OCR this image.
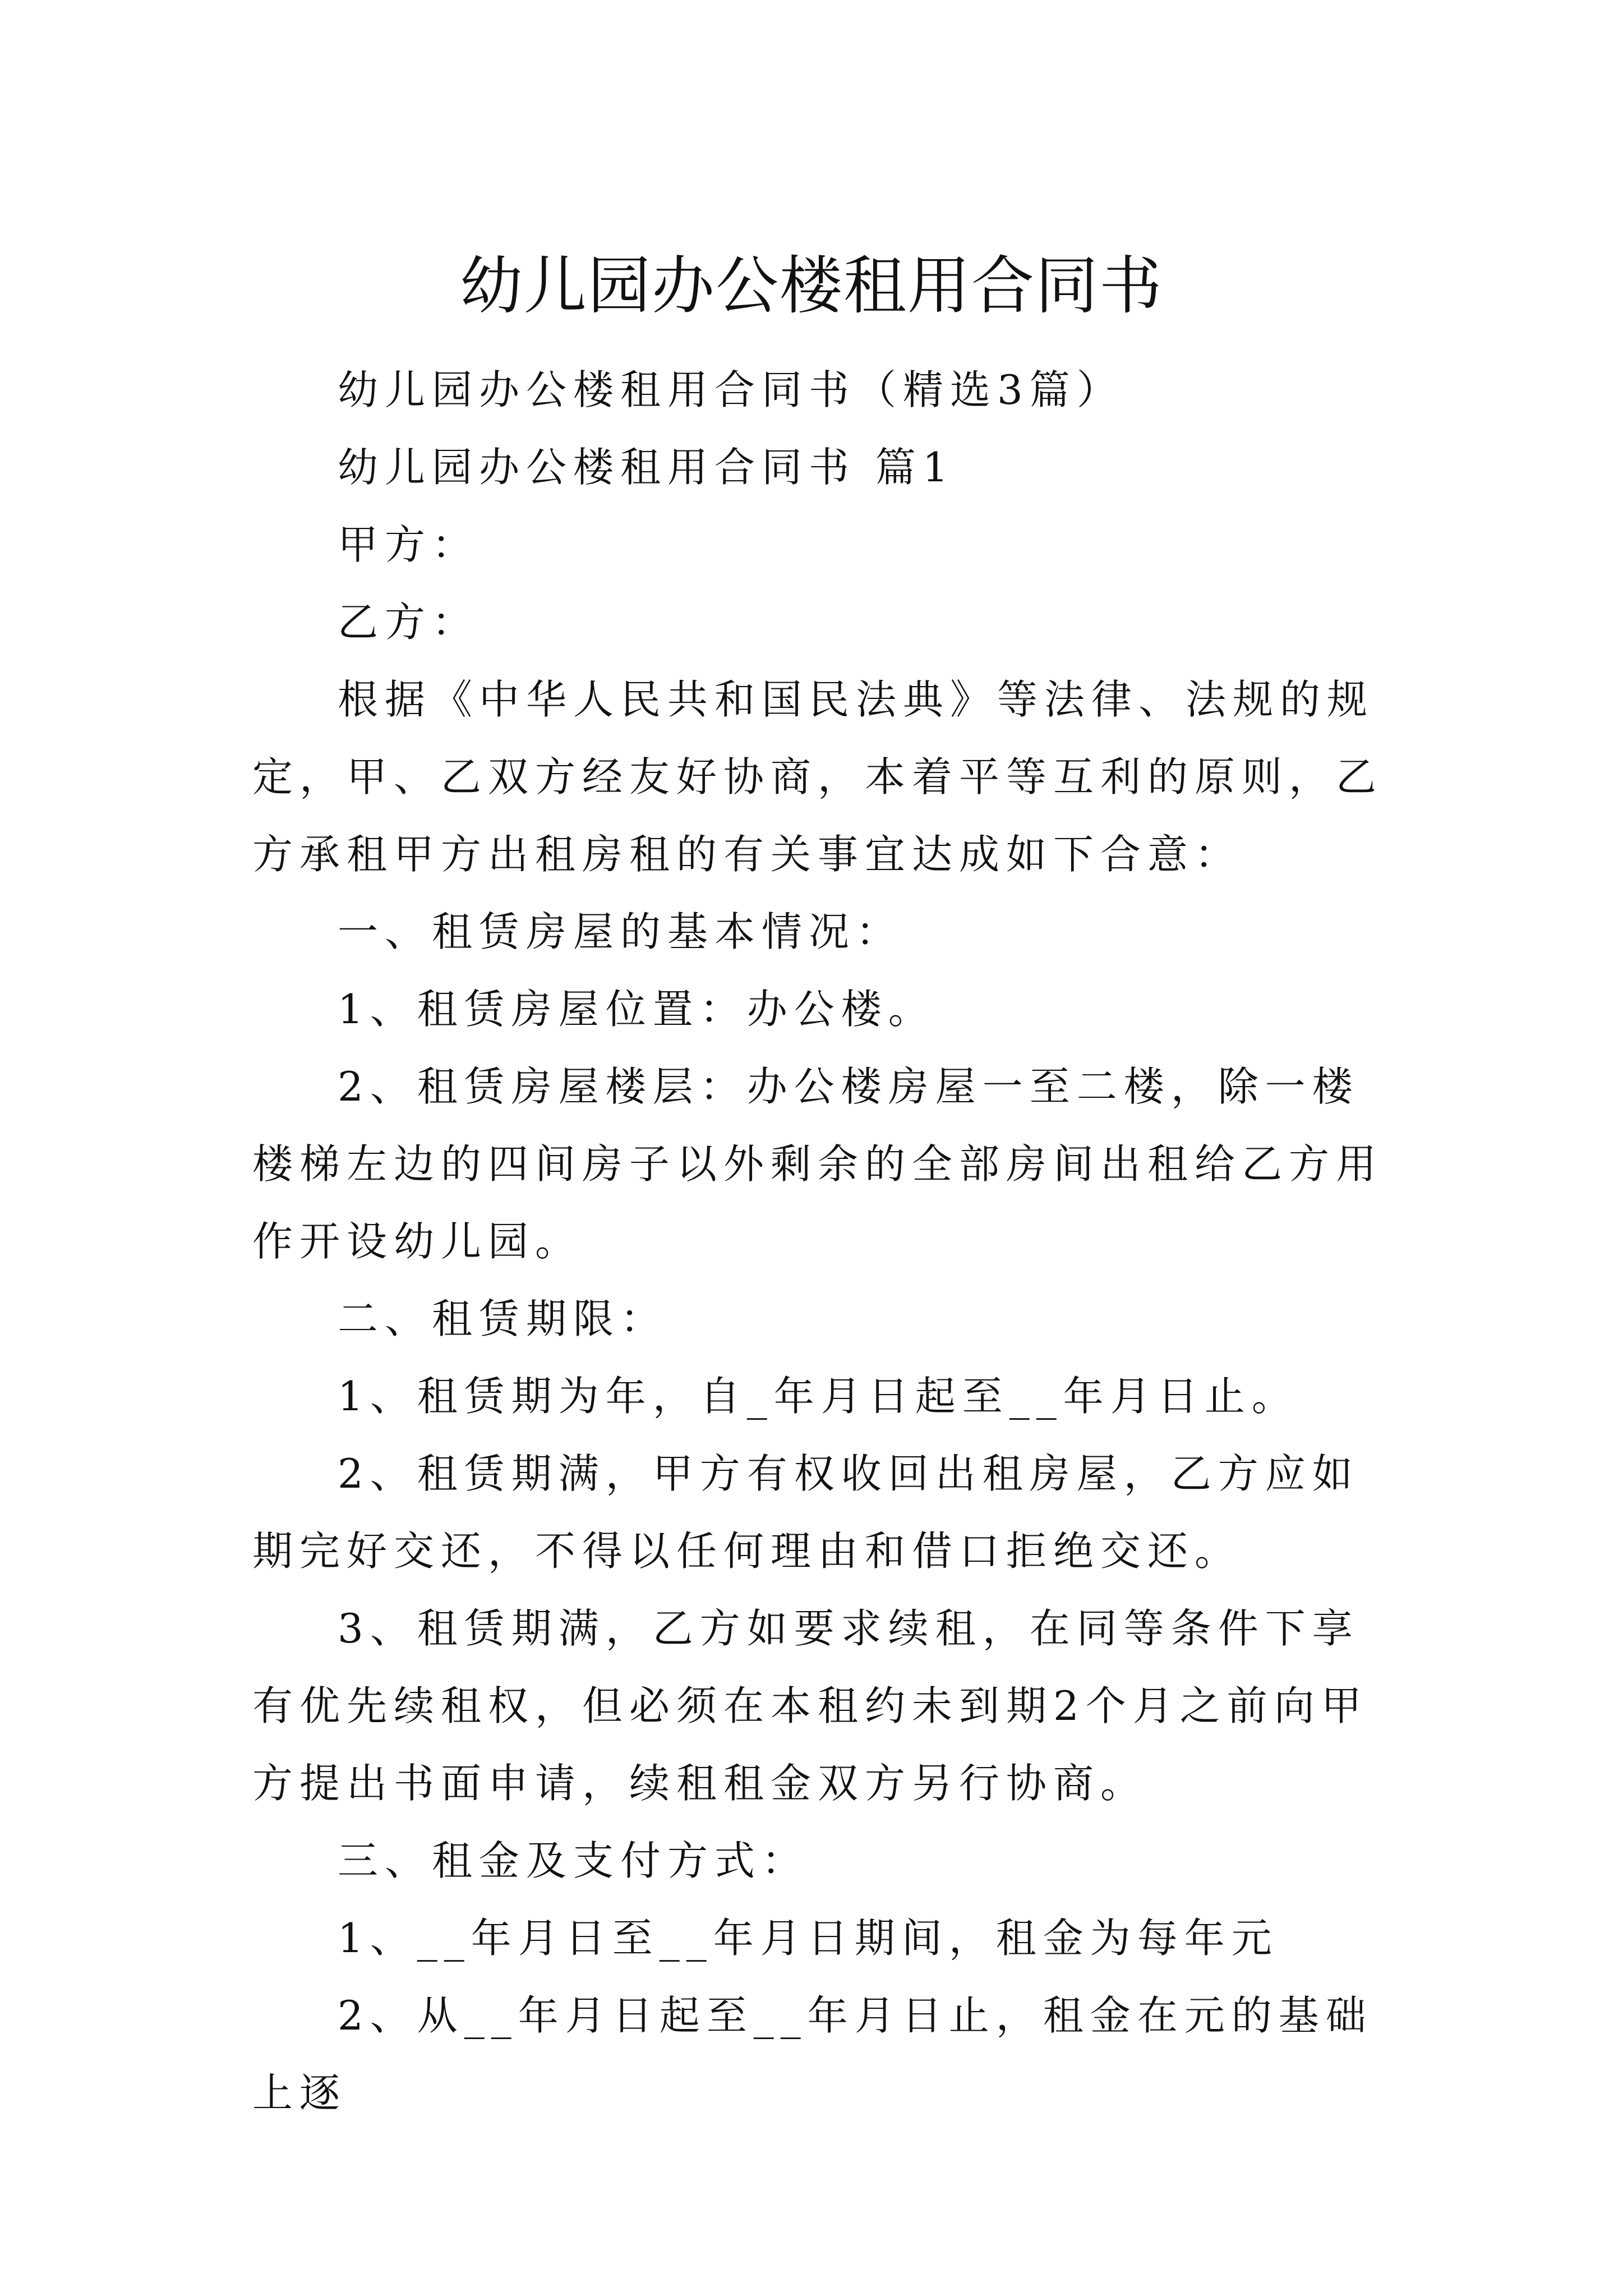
幼儿园办公楼租用合同书

幼儿园办公楼租用合同书（精选3篇）

幼儿园办公楼租用合同书 篇1

甲方：

乙方：

根据《中华人民共和国民法典》等法律、法规的规定，甲、乙双方经友好协商，本着平等互利的原则，乙方承租甲方出租房租的有关事宜达成如下合意：

一、租赁房屋的基本情况：

1、租赁房屋位置：办公楼。

2、租赁房屋楼层：办公楼房屋一至二楼，除一楼楼梯左边的四间房子以外剩余的全部房间出租给乙方用作开设幼儿园。

二、租赁期限：

1、租赁期为年，自_年月日起至__年月日止。

2、租赁期满，甲方有权收回出租房屋，乙方应如期完好交还，不得以任何理由和借口拒绝交还。

3、租赁期满，乙方如要求续租，在同等条件下享有优先续租权，但必须在本租约未到期2个月之前向甲方提出书面申请，续租租金双方另行协商。

三、租金及支付方式：

1、__年月日至__年月日期间，租金为每年元

2、从__年月日起至__年月日止，租金在元的基础上逐
